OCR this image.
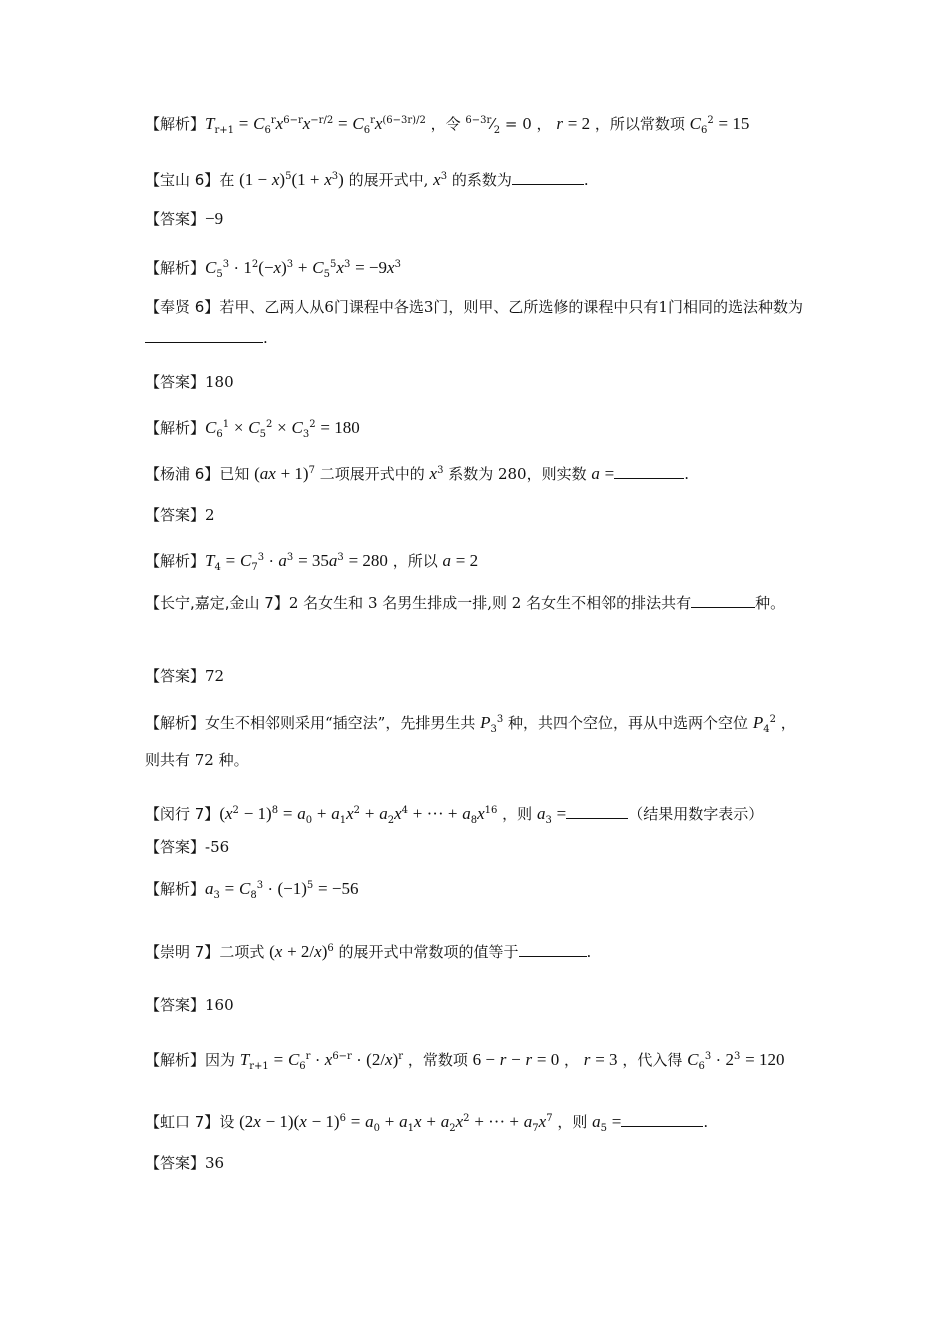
【解析】$T_{r+1} = C_6^rx^{6-r}x^{-r/2} = C_6^rx^{(6-3r)/2}$ ，令 $^{6-3r}⁄_2 = 0$ ， r = 2 ，所以常数项 $C_6^2 = 15$
【宝山 6】在 $(1 - x)^5(1 + x^3)$ 的展开式中, $x^3$ 的系数为	.
【答案】−9
【解析】$C_5^3 \cdot 1^2(-x)^3 + C_5^5x^3 = -9x^3$
【奉贤 6】若甲、乙两人从6门课程中各选3门，则甲、乙所选修的课程中只有1门相同的选法种数为.
【答案】180
【解析】$C_6^1 \times C_5^2 \times C_3^2 = 180$
【杨浦 6】已知 (ax + 1)$^7$ 二项展开式中的 $x^3$ 系数为 280，则实数 a =	.
【答案】2
【解析】$T_4 = C_7^3 \cdot a^3 = 35a^3 = 280$ ，所以 a = 2
【长宁,嘉定,金山 7】2 名女生和 3 名男生排成一排,则 2 名女生不相邻的排法共有	种。
【答案】72
【解析】女生不相邻则采用“插空法”，先排男生共 $P_3^3$ 种，共四个空位，再从中选两个空位 $P_4^2$ ，则共有 72 种。
【闵行 7】$(x^2 - 1)^8 = a_0 + a_1x^2 + a_2x^4$ + ··· + $a_8x^{16}$ ，则 $a_3$ =	（结果用数字表示）
【答案】-56
【解析】$a_3 = C_8^3 \cdot (-1)^5 = -56$
【崇明 7】二项式 $(x + 2/x)^6$ 的展开式中常数项的值等于	.
【答案】160
【解析】因为 $T_{r+1} = C_6^r \cdot x^{6-r} \cdot (2/x)^r$ ，常数项 6 − r − r = 0 ， r = 3 ，代入得 $C_6^3 \cdot 2^3 = 120$
【虹口 7】设 $(2x - 1)(x - 1)^6 = a_0 + a_1x + a_2x^2$ + ··· + $a_7x^7$ ，则 $a_5$ =	.
【答案】36
